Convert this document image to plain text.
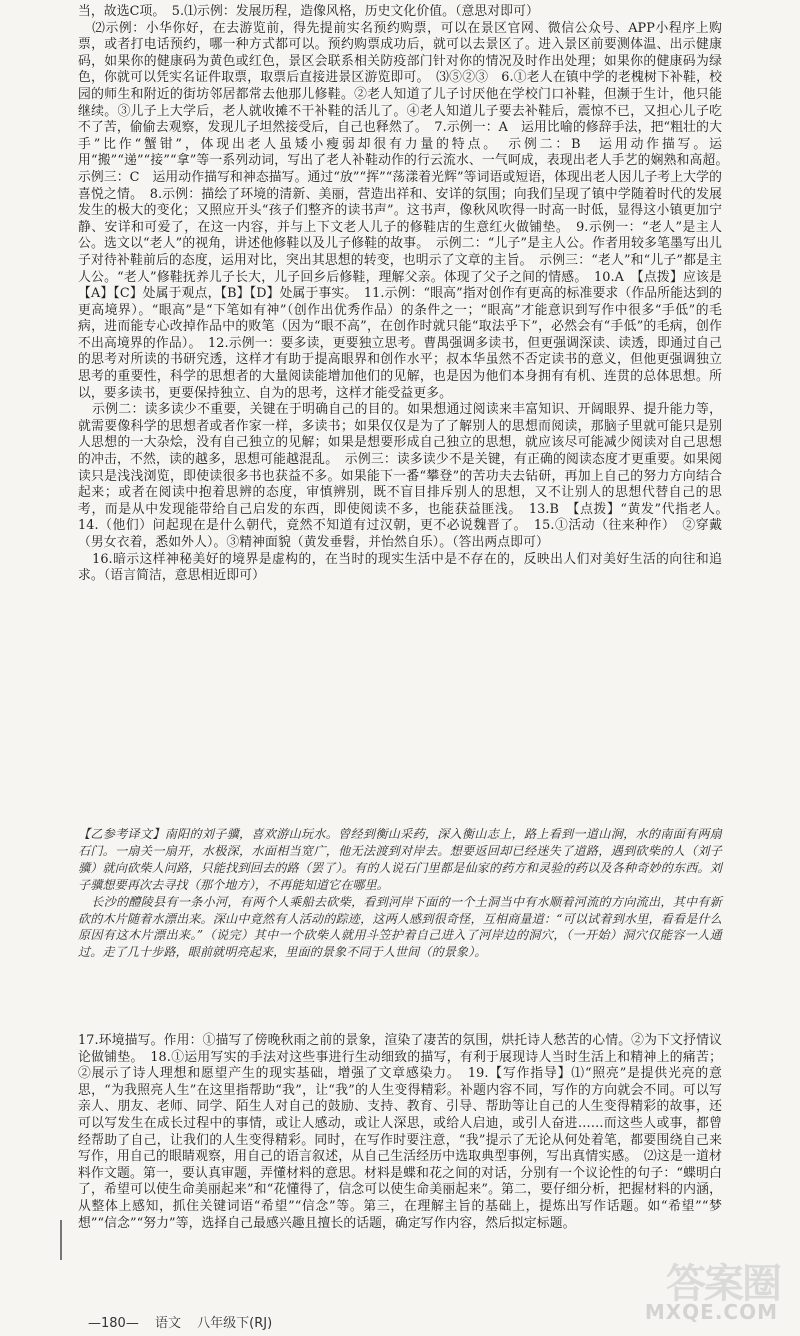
当，故选C项。　5.⑴示例：发展历程，造像风格，历史文化价值。（意思对即可）

⑵示例：小华你好，在去游览前，得先提前实名预约购票，可以在景区官网、微信公众号、APP小程序上购票，或者打电话预约，哪一种方式都可以。预约购票成功后，就可以去景区了。进入景区前要测体温、出示健康码，如果你的健康码为黄色或红色，景区会联系相关防疫部门针对你的情况及时作出处理；如果你的健康码为绿色，你就可以凭实名证件取票，取票后直接进景区游览即可。　⑶⑤②③　6.①老人在镇中学的老槐树下补鞋，校园的师生和附近的街坊邻居都常去他那儿修鞋。②老人知道了儿子讨厌他在学校门口补鞋，但濒于生计，他只能继续。③儿子上大学后，老人就收摊不干补鞋的活儿了。④老人知道儿子要去补鞋后，震惊不已，又担心儿子吃不了苦，偷偷去观察，发现儿子坦然接受后，自己也释然了。　7.示例一：A　运用比喻的修辞手法，把“粗壮的大手”比作“蟹钳”，体现出老人虽矮小瘦弱却很有力量的特点。　示例二：B　运用动作描写。运用“搬”“递”“接”“拿”等一系列动词，写出了老人补鞋动作的行云流水、一气呵成，表现出老人手艺的娴熟和高超。　示例三：C　运用动作描写和神态描写。通过“放”“挥”“荡漾着光辉”等词语或短语，体现出老人因儿子考上大学的喜悦之情。　8.示例：描绘了环境的清新、美丽，营造出祥和、安详的氛围；向我们呈现了镇中学随着时代的发展发生的极大的变化；又照应开头“孩子们整齐的读书声”。这书声，像秋风吹得一时高一时低，显得这小镇更加宁静、安详和可爱了，在这一内容，并与上下文老人儿子的修鞋店的生意红火做铺垫。　9.示例一：“老人”是主人公。选文以“老人”的视角，讲述他修鞋以及儿子修鞋的故事。　示例二：“儿子”是主人公。作者用较多笔墨写出儿子对待补鞋前后的态度，运用对比，突出其思想的转变，也明示了文章的主旨。　示例三：“老人”和“儿子”都是主人公。“老人”修鞋抚养儿子长大，儿子回乡后修鞋，理解父亲。体现了父子之间的情感。　10.A　【点拨】应该是【A】【C】处属于观点，【B】【D】处属于事实。　11.示例：“眼高”指对创作有更高的标准要求（作品所能达到的更高境界）。“眼高”是“下笔如有神”（创作出优秀作品）的条件之一；“眼高”才能意识到写作中很多“手低”的毛病，进而能专心改掉作品中的败笔（因为“眼不高”，在创作时就只能“取法乎下”，必然会有“手低”的毛病，创作不出高境界的作品）。　12.示例一：要多读，更要独立思考。曹禺强调多读书，但更强调深读、读透，即通过自己的思考对所读的书研究透，这样才有助于提高眼界和创作水平；叔本华虽然不否定读书的意义，但他更强调独立思考的重要性，科学的思想者的大量阅读能增加他们的见解，也是因为他们本身拥有有机、连贯的总体思想。所以，要多读书，更要保持独立、自为的思考，这样才能受益更多。

示例二：读多读少不重要，关键在于明确自己的目的。如果想通过阅读来丰富知识、开阔眼界、提升能力等，就需要像科学的思想者或者作家一样，多读书；如果仅仅是为了了解别人的思想而阅读，那脑子里就可能只是别人思想的一大杂烩，没有自己独立的见解；如果是想要形成自己独立的思想，就应该尽可能减少阅读对自己思想的冲击，不然，读的越多，思想可能越混乱。　示例三：读多读少不是关键，有正确的阅读态度才更重要。如果阅读只是浅浅浏览，即使读很多书也获益不多。如果能下一番“攀登”的苦功夫去钻研，再加上自己的努力方向结合起来；或者在阅读中抱着思辨的态度，审慎辨别，既不盲目排斥别人的思想，又不让别人的思想代替自己的思考，而是从中发现能带给自己启发的东西，即使阅读不多，也能获益匪浅。　13.B　【点拨】“黄发”代指老人。　14.（他们）问起现在是什么朝代，竟然不知道有过汉朝，更不必说魏晋了。　15.①活动（往来种作）　②穿戴（男女衣着，悉如外人）。③精神面貌（黄发垂髫，并怡然自乐）。（答出两点即可）

16.暗示这样神秘美好的境界是虚构的，在当时的现实生活中是不存在的，反映出人们对美好生活的向往和追求。（语言简洁，意思相近即可）

【乙参考译文】南阳的刘子骥，喜欢游山玩水。曾经到衡山采药，深入衡山志上，路上看到一道山涧，水的南面有两扇石门。一扇关一扇开，水极深，水面相当宽广，他无法渡到对岸去。想要返回却已经迷失了道路，遇到砍柴的人（刘子骥）就向砍柴人问路，只能找到回去的路（罢了）。有的人说石门里都是仙家的药方和灵验的药以及各种奇妙的东西。刘子骥想要再次去寻找（那个地方），不再能知道它在哪里。

长沙的醴陵县有一条小河，有两个人乘船去砍柴，看到河岸下面的一个土洞当中有水顺着河流的方向流出，其中有新砍的木片随着水漂出来。深山中竟然有人活动的踪迹，这两人感到很奇怪，互相商量道：“可以试着到水里，看看是什么原因有这木片漂出来。”（说完）其中一个砍柴人就用斗笠护着自己进入了河岸边的洞穴，（一开始）洞穴仅能容一人通过。走了几十步路，眼前就明亮起来，里面的景象不同于人世间（的景象）。

17.环境描写。作用：①描写了傍晚秋雨之前的景象，渲染了凄苦的氛围，烘托诗人愁苦的心情。②为下文抒情议论做铺垫。　18.①运用写实的手法对这些事进行生动细致的描写，有利于展现诗人当时生活上和精神上的痛苦；②展示了诗人理想和愿望产生的现实基础，增强了文章感染力。　19.【写作指导】⑴“照亮”是提供光亮的意思，“为我照亮人生”在这里指帮助“我”，让“我”的人生变得精彩。补题内容不同，写作的方向就会不同。可以写亲人、朋友、老师、同学、陌生人对自己的鼓励、支持、教育、引导、帮助等让自己的人生变得精彩的故事，还可以写发生在成长过程中的事情，或让人感动，或让人深思，或给人启迪，或引人奋进……而这些人或事，都曾经帮助了自己，让我们的人生变得精彩。同时，在写作时要注意，“我”提示了无论从何处着笔，都要围绕自己来写作，用自己的眼睛观察，用自己的语言叙述，从自己生活经历中选取典型事例，写出真情实感。　⑵这是一道材料作文题。第一，要认真审题，弄懂材料的意思。材料是蝶和花之间的对话，分别有一个议论性的句子：“蝶明白了，希望可以使生命美丽起来”和“花懂得了，信念可以使生命美丽起来”。第二，要仔细分析，把握材料的内涵，从整体上感知，抓住关键词语“希望”“信念”等。第三，在理解主旨的基础上，提炼出写作话题。如“希望”“梦想”“信念”“努力”等，选择自己最感兴趣且擅长的话题，确定写作内容，然后拟定标题。

—180— 语文 八年级下(RJ)
答案圈
MXQE.COM
